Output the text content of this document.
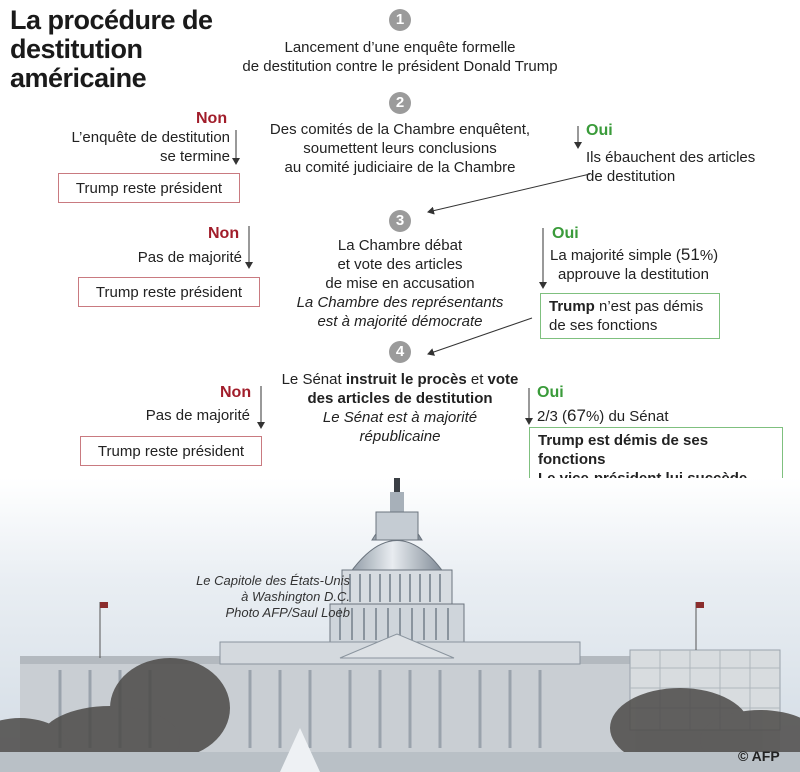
La procédure de destitution américaine
1
Lancement d’une enquête formelle
de destitution contre le président Donald Trump
2
Des comités de la Chambre enquêtent,
soumettent leurs conclusions
au comité judiciaire de la Chambre
Non
L’enquête de destitution
se termine
Trump reste président
Oui
Ils ébauchent des articles
de destitution
3
La Chambre débat
et vote des articles
de mise en accusation
La Chambre des représentants
est à majorité démocrate
Non
Pas de majorité
Trump reste président
Oui
La majorité simple (51%)
approuve la destitution
Trump n’est pas démis
de ses fonctions
4
Le Sénat instruit le procès et vote
des articles de destitution
Le Sénat est à majorité
républicaine
Non
Pas de majorité
Trump reste président
Oui
2/3 (67%) du Sénat
Trump est démis de ses fonctions
Le Capitole des États-Unis
à Washington D.C.
Photo AFP/Saul Loeb
© AFP
